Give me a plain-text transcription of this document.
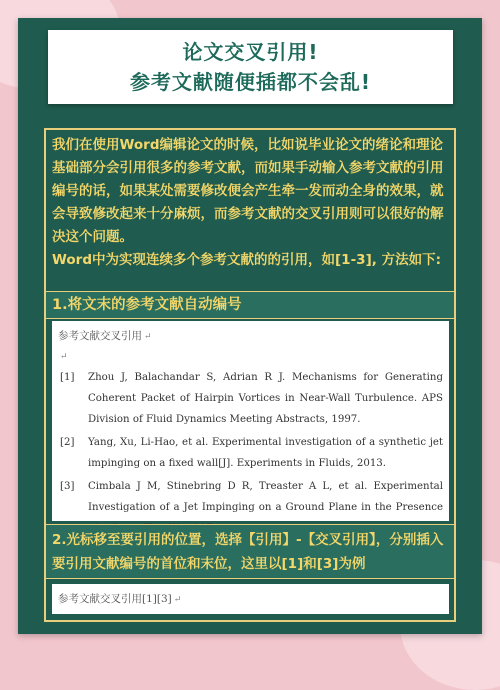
论文交叉引用!
参考文献随便插都不会乱!

我们在使用Word编辑论文的时候，比如说毕业论文的绪论和理论基础部分会引用很多的参考文献，而如果手动输入参考文献的引用编号的话，如果某处需要修改便会产生牵一发而动全身的效果，就会导致修改起来十分麻烦，而参考文献的交叉引用则可以很好的解决这个问题。

Word中为实现连续多个参考文献的的引用，如[1-3], 方法如下:

1.将文末的参考文献自动编号
参考文献交叉引用 ↵
↵
[1]	Zhou J, Balachandar S, Adrian R J. Mechanisms for Generating Coherent Packet of Hairpin Vortices in Near-Wall Turbulence. APS Division of Fluid Dynamics Meeting Abstracts, 1997.
[2]	Yang, Xu, Li-Hao, et al. Experimental investigation of a synthetic jet impinging on a fixed wall[J]. Experiments in Fluids, 2013.
[3]	Cimbala J M, Stinebring D R, Treaster A L, et al. Experimental Investigation of a Jet Impinging on a Ground Plane in the Presence
2.光标移至要引用的位置，选择【引用】-【交叉引用】，分别插入要引用文献编号的首位和末位，这里以[1]和[3]为例
参考文献交叉引用[1][3] ↵
